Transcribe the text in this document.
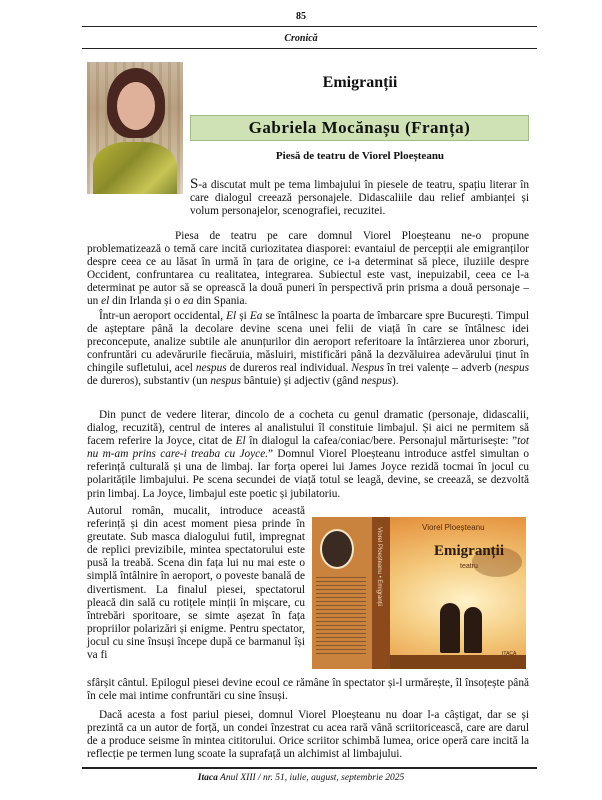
85
Cronică
Emigranții
Gabriela Mocănașu (Franța)
Piesă de teatru de Viorel Ploeșteanu

S-a discutat mult pe tema limbajului în piesele de teatru, spațiu literar în care dialogul creează personajele. Didascaliile dau relief ambianței și volum personajelor, scenografiei, recuzitei.

Piesa de teatru pe care domnul Viorel Ploeșteanu ne-o propune problematizează o temă care incită curiozitatea diasporei: evantaiul de percepții ale emigranților despre ceea ce au lăsat în urmă în țara de origine, ce i-a determinat să plece, iluziile despre Occident, confruntarea cu realitatea, integrarea. Subiectul este vast, inepuizabil, ceea ce l-a determinat pe autor să se oprească la două puneri în perspectivă prin prisma a două personaje – un el din Irlanda și o ea din Spania.

Într-un aeroport occidental, El și Ea se întâlnesc la poarta de îmbarcare spre București. Timpul de așteptare până la decolare devine scena unei felii de viață în care se întâlnesc idei preconcepute, analize subtile ale anunțurilor din aeroport referitoare la întârzierea unor zboruri, confruntări cu adevărurile fiecăruia, măsluiri, mistificări până la dezvăluirea adevărului ținut în chingile sufletului, acel nespus de dureros real individual. Nespus în trei valențe – adverb (nespus de dureros), substantiv (un nespus bântuie) și adjectiv (gând nespus).

Din punct de vedere literar, dincolo de a cocheta cu genul dramatic (personaje, didascalii, dialog, recuzită), centrul de interes al analistului îl constituie limbajul. Și aici ne permitem să facem referire la Joyce, citat de El în dialogul la cafea/coniac/bere. Personajul mărturisește: ”tot nu m-am prins care-i treaba cu Joyce.” Domnul Viorel Ploeșteanu introduce astfel simultan o referință culturală și una de limbaj. Iar forța operei lui James Joyce rezidă tocmai în jocul cu polaritățile limbajului. Pe scena secundei de viață totul se leagă, devine, se creează, se dezvoltă prin limbaj. La Joyce, limbajul este poetic și jubilatoriu.

Autorul român, mucalit, introduce această referință și din acest moment piesa prinde în greutate. Sub masca dialogului futil, impregnat de replici previzibile, mintea spectatorului este pusă la treabă. Scena din fața lui nu mai este o simplă întâlnire în aeroport, o poveste banală de divertisment. La finalul piesei, spectatorul pleacă din sală cu rotițele minții în mișcare, cu întrebări sporitoare, se simte așezat în fața propriilor polarizări și enigme. Pentru spectator, jocul cu sine însuși începe după ce barmanul își va fi

Viorel Ploeșteanu • Emigranții	Viorel Ploeșteanu
Emigranții
teatru
ITACA

sfârșit cântul. Epilogul piesei devine ecoul ce rămâne în spectator și-l urmărește, îl însoțește până în cele mai intime confruntări cu sine însuși.

Dacă acesta a fost pariul piesei, domnul Viorel Ploeșteanu nu doar l-a câștigat, dar se și prezintă ca un autor de forță, un condei înzestrat cu acea rară vână scriitoricească, care are darul de a produce seisme în mintea cititorului. Orice scriitor schimbă lumea, orice operă care incită la reflecție pe termen lung scoate la suprafață un alchimist al limbajului.

Itaca Anul XIII / nr. 51, iulie, august, septembrie 2025
